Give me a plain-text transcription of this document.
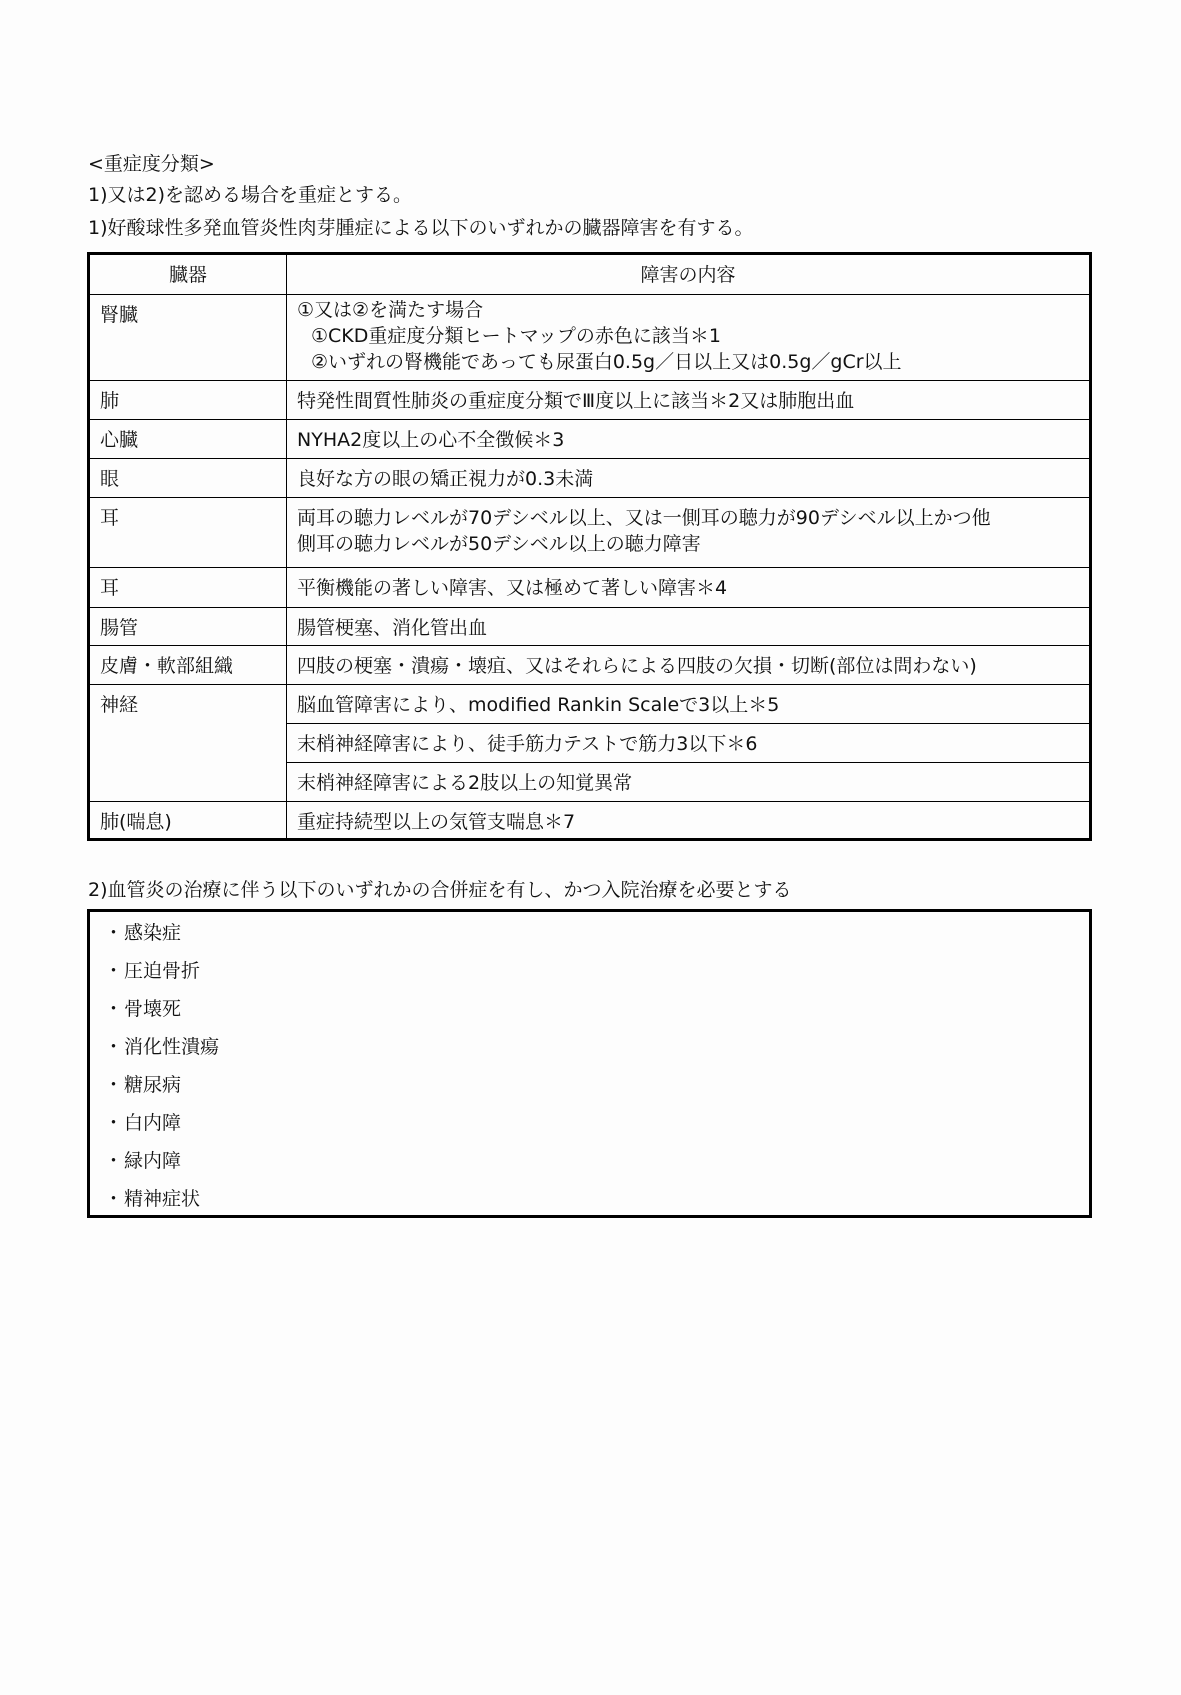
<重症度分類>
1)又は2)を認める場合を重症とする。
1)好酸球性多発血管炎性肉芽腫症による以下のいずれかの臓器障害を有する。
臓器	障害の内容

腎臓	①又は②を満たす場合
①CKD重症度分類ヒートマップの赤色に該当＊1
②いずれの腎機能であっても尿蛋白0.5g／日以上又は0.5g／gCr以上

肺	特発性間質性肺炎の重症度分類でⅢ度以上に該当＊2又は肺胞出血

心臓	NYHA2度以上の心不全徴候＊3

眼	良好な方の眼の矯正視力が0.3未満

耳	両耳の聴力レベルが70デシベル以上、又は一側耳の聴力が90デシベル以上かつ他
側耳の聴力レベルが50デシベル以上の聴力障害

耳	平衡機能の著しい障害、又は極めて著しい障害＊4

腸管	腸管梗塞、消化管出血

皮膚・軟部組織	四肢の梗塞・潰瘍・壊疽、又はそれらによる四肢の欠損・切断(部位は問わない)

神経	脳血管障害により、modified Rankin Scaleで3以上＊5

	末梢神経障害により、徒手筋力テストで筋力3以下＊6

	末梢神経障害による2肢以上の知覚異常

肺(喘息)	重症持続型以上の気管支喘息＊7
2)血管炎の治療に伴う以下のいずれかの合併症を有し、かつ入院治療を必要とする
・ 感染症
・ 圧迫骨折
・ 骨壊死
・ 消化性潰瘍
・ 糖尿病
・ 白内障
・ 緑内障
・ 精神症状
